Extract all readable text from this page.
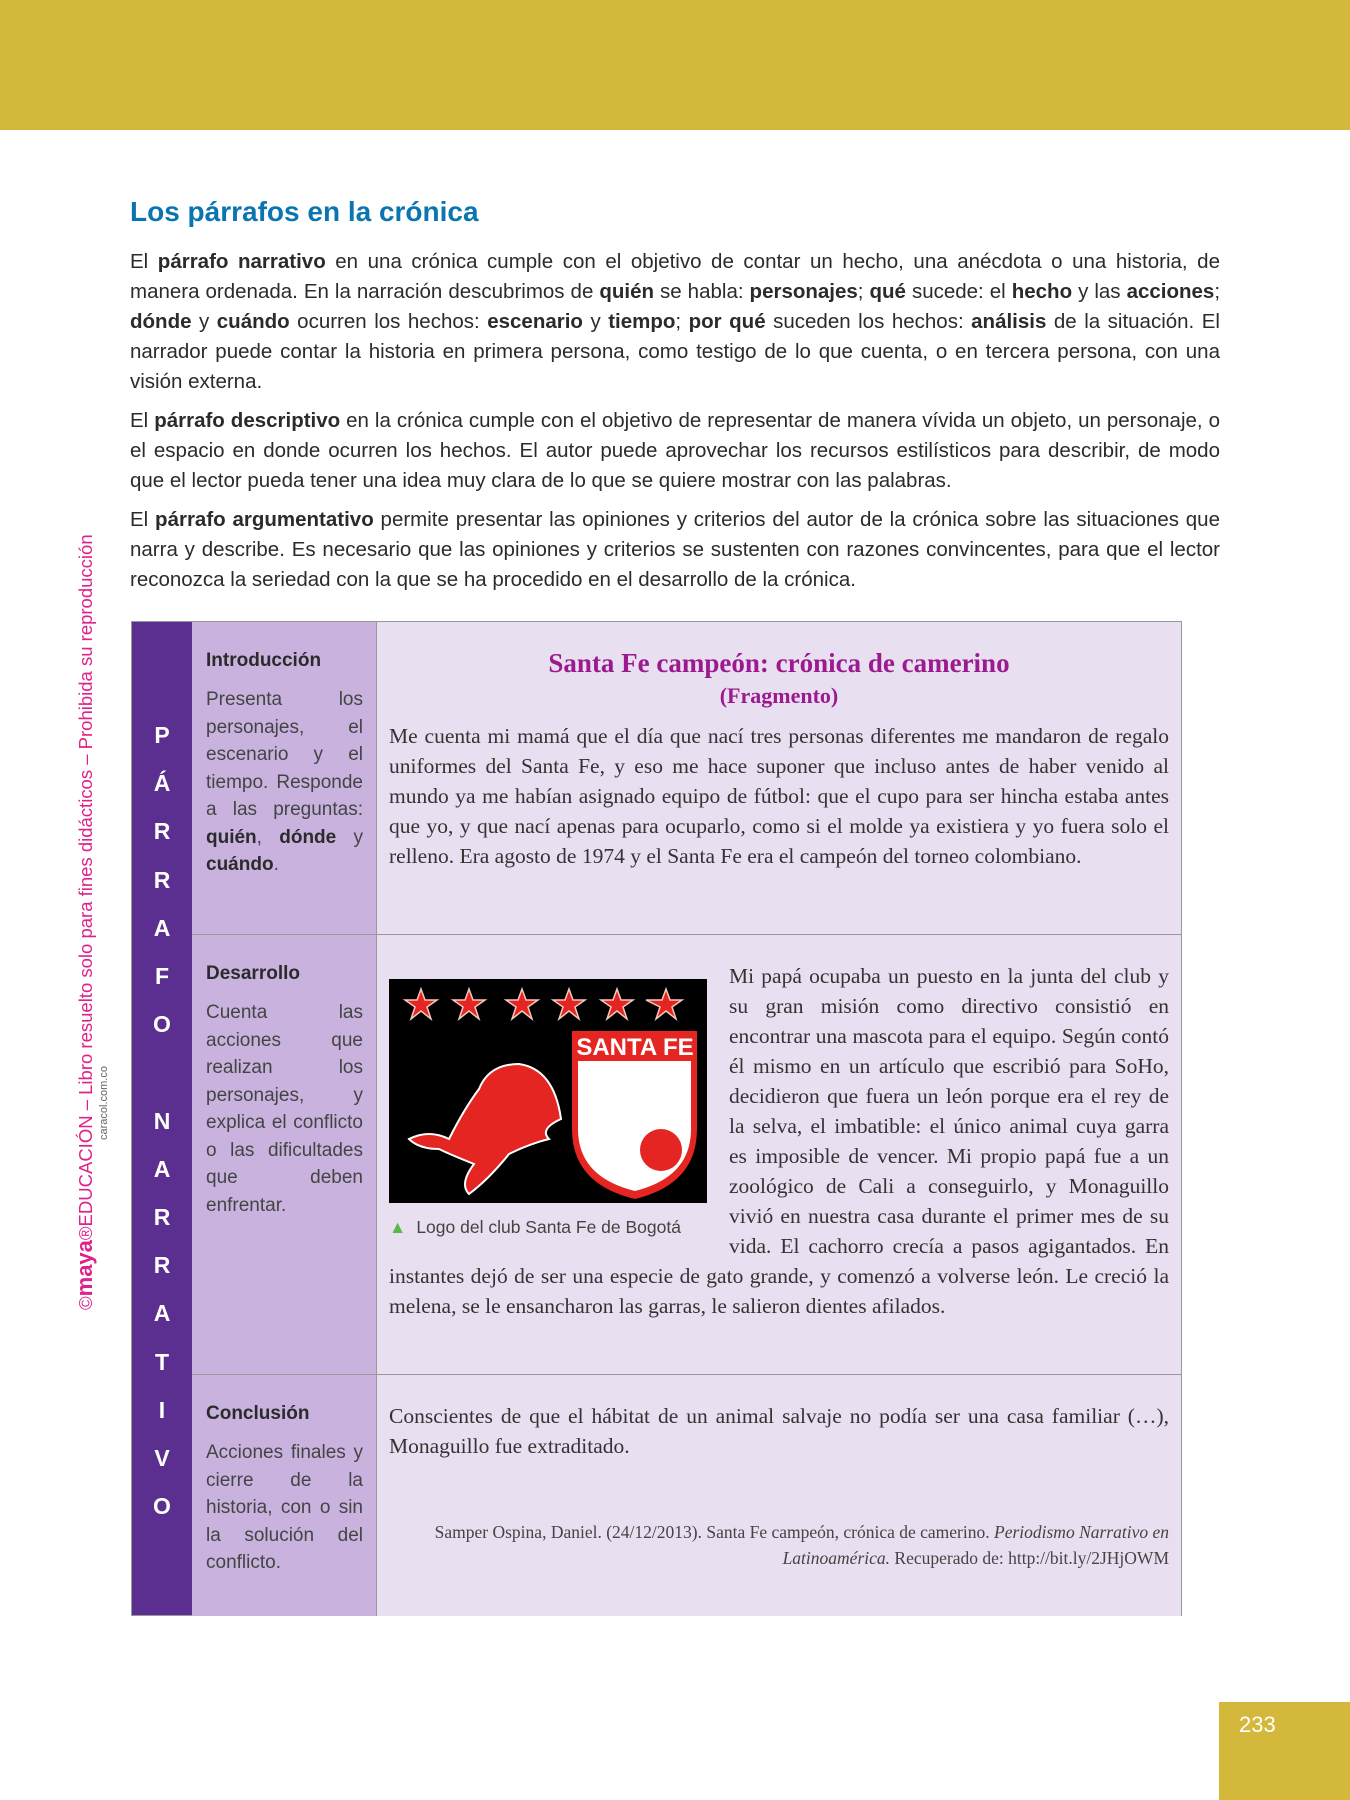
©maya®EDUCACIÓN – Libro resuelto solo para fines didácticos – Prohibida su reproducción caracol.com.co
Los párrafos en la crónica

El párrafo narrativo en una crónica cumple con el objetivo de contar un hecho, una anécdota o una historia, de manera ordenada. En la narración descubrimos de quién se habla: personajes; qué sucede: el hecho y las acciones; dónde y cuándo ocurren los hechos: escenario y tiempo; por qué suceden los hechos: análisis de la situación. El narrador puede contar la historia en primera persona, como testigo de lo que cuenta, o en tercera persona, con una visión externa.

El párrafo descriptivo en la crónica cumple con el objetivo de representar de manera vívida un objeto, un personaje, o el espacio en donde ocurren los hechos. El autor puede aprovechar los recursos estilísticos para describir, de modo que el lector pueda tener una idea muy clara de lo que se quiere mostrar con las palabras.

El párrafo argumentativo permite presentar las opiniones y criterios del autor de la crónica sobre las situaciones que narra y describe. Es necesario que las opiniones y criterios se sustenten con razones convincentes, para que el lector reconozca la seriedad con la que se ha procedido en el desarrollo de la crónica.

P
Á
R
R
A
F
O
N
A
R
R
A
T
I
V
O
Introducción

Presenta los personajes, el escenario y el tiempo. Responde a las preguntas: quién, dónde y cuándo.

Santa Fe campeón: crónica de camerino
(Fragmento)
Me cuenta mi mamá que el día que nací tres personas diferentes me mandaron de regalo uniformes del Santa Fe, y eso me hace suponer que incluso antes de haber venido al mundo ya me habían asignado equipo de fútbol: que el cupo para ser hincha estaba antes que yo, y que nací apenas para ocuparlo, como si el molde ya existiera y yo fuera solo el relleno. Era agosto de 1974 y el Santa Fe era el campeón del torneo colombiano.
Desarrollo

Cuenta las acciones que realizan los personajes, y explica el conflicto o las dificultades que deben enfrentar.

SANTA FE
▲ Logo del club Santa Fe de Bogotá
Mi papá ocupaba un puesto en la junta del club y su gran misión como directivo consistió en encontrar una mascota para el equipo. Según contó él mismo en un artículo que escribió para SoHo, decidieron que fuera un león porque era el rey de la selva, el imbatible: el único animal cuya garra es imposible de vencer. Mi propio papá fue a un zoológico de Cali a conseguirlo, y Monaguillo vivió en nuestra casa durante el primer mes de su vida. El cachorro crecía a pasos agigantados. En instantes dejó de ser una especie de gato grande, y comenzó a volverse león. Le creció la melena, se le ensancharon las garras, le salieron dientes afilados.
Conclusión

Acciones finales y cierre de la historia, con o sin la solución del conflicto.

Conscientes de que el hábitat de un animal salvaje no podía ser una casa familiar (…), Monaguillo fue extraditado.
Samper Ospina, Daniel. (24/12/2013). Santa Fe campeón, crónica de camerino. Periodismo Narrativo en Latinoamérica. Recuperado de: http://bit.ly/2JHjOWM
233
